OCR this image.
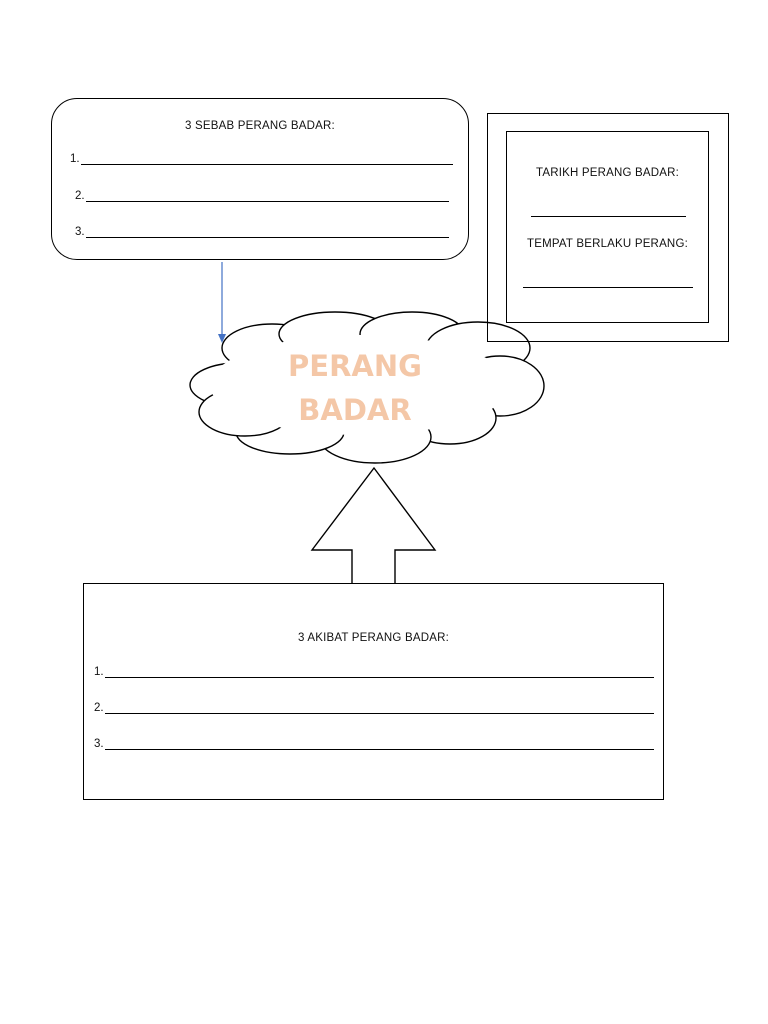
3 SEBAB PERANG BADAR:
1.
2.
3.
TARIKH PERANG BADAR:
TEMPAT BERLAKU PERANG:
PERANG
BADAR
3 AKIBAT PERANG BADAR:
1.
2.
3.
